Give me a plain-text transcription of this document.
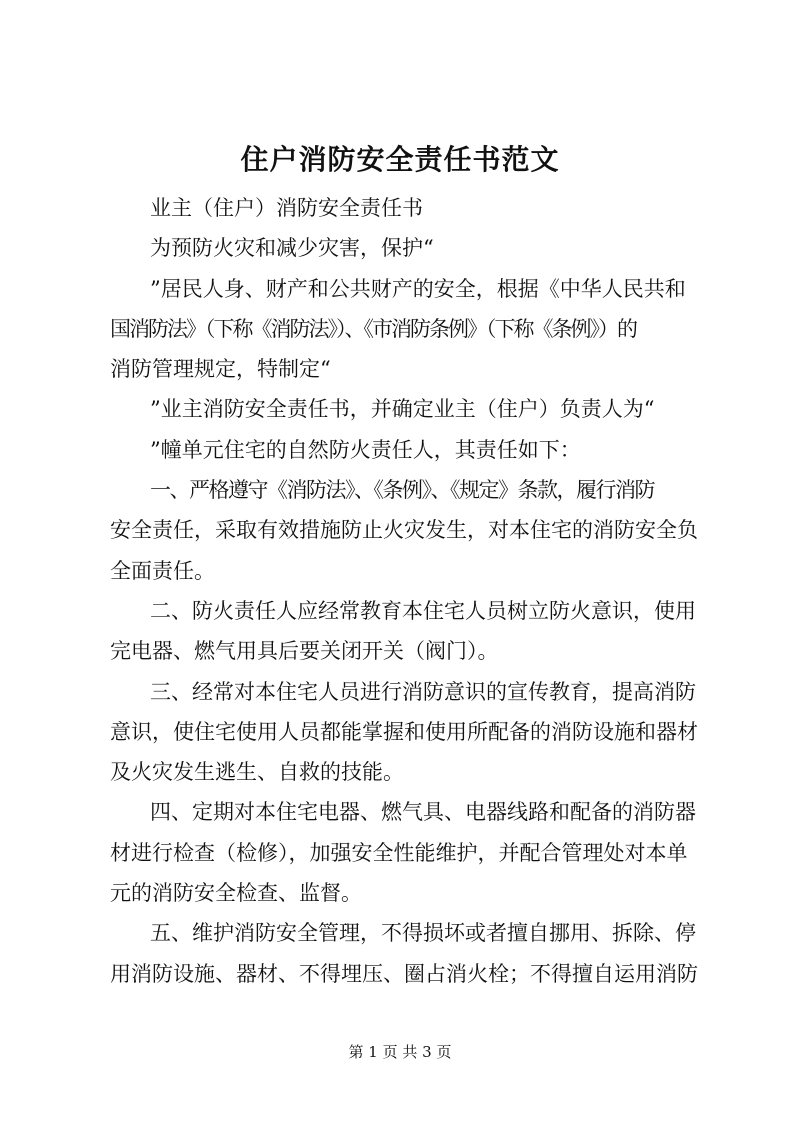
住户消防安全责任书范文
业主（住户）消防安全责任书
为预防火灾和减少灾害，保护“
”居民人身、财产和公共财产的安全，根据《中华人民共和
国消防法》（下称《消防法》）、《市消防条例》（下称《条例》）的
消防管理规定，特制定“
”业主消防安全责任书，并确定业主（住户）负责人为“
”幢单元住宅的自然防火责任人，其责任如下：
一、严格遵守《消防法》、《条例》、《规定》条款，履行消防
安全责任，采取有效措施防止火灾发生，对本住宅的消防安全负
全面责任。
二、防火责任人应经常教育本住宅人员树立防火意识，使用
完电器、燃气用具后要关闭开关（阀门）。
三、经常对本住宅人员进行消防意识的宣传教育，提高消防
意识，使住宅使用人员都能掌握和使用所配备的消防设施和器材
及火灾发生逃生、自救的技能。
四、定期对本住宅电器、燃气具、电器线路和配备的消防器
材进行检查（检修），加强安全性能维护，并配合管理处对本单
元的消防安全检查、监督。
五、维护消防安全管理，不得损坏或者擅自挪用、拆除、停
用消防设施、器材、不得埋压、圈占消火栓；不得擅自运用消防
第 1 页 共 3 页
